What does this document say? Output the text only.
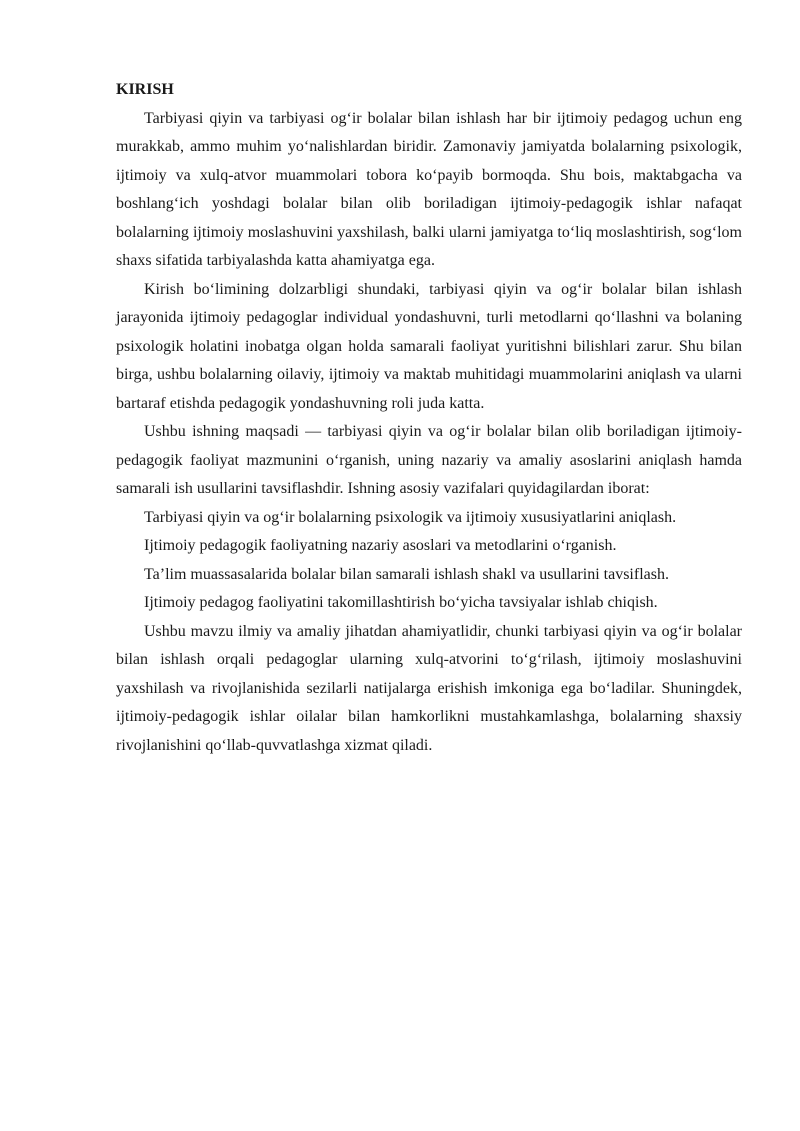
KIRISH

Tarbiyasi qiyin va tarbiyasi og‘ir bolalar bilan ishlash har bir ijtimoiy pedagog uchun eng murakkab, ammo muhim yo‘nalishlardan biridir. Zamonaviy jamiyatda bolalarning psixologik, ijtimoiy va xulq-atvor muammolari tobora ko‘payib bormoqda. Shu bois, maktabgacha va boshlang‘ich yoshdagi bolalar bilan olib boriladigan ijtimoiy-pedagogik ishlar nafaqat bolalarning ijtimoiy moslashuvini yaxshilash, balki ularni jamiyatga to‘liq moslashtirish, sog‘lom shaxs sifatida tarbiyalashda katta ahamiyatga ega.

Kirish bo‘limining dolzarbligi shundaki, tarbiyasi qiyin va og‘ir bolalar bilan ishlash jarayonida ijtimoiy pedagoglar individual yondashuvni, turli metodlarni qo‘llashni va bolaning psixologik holatini inobatga olgan holda samarali faoliyat yuritishni bilishlari zarur. Shu bilan birga, ushbu bolalarning oilaviy, ijtimoiy va maktab muhitidagi muammolarini aniqlash va ularni bartaraf etishda pedagogik yondashuvning roli juda katta.

Ushbu ishning maqsadi — tarbiyasi qiyin va og‘ir bolalar bilan olib boriladigan ijtimoiy-pedagogik faoliyat mazmunini o‘rganish, uning nazariy va amaliy asoslarini aniqlash hamda samarali ish usullarini tavsiflashdir. Ishning asosiy vazifalari quyidagilardan iborat:

Tarbiyasi qiyin va og‘ir bolalarning psixologik va ijtimoiy xususiyatlarini aniqlash.

Ijtimoiy pedagogik faoliyatning nazariy asoslari va metodlarini o‘rganish.

Ta’lim muassasalarida bolalar bilan samarali ishlash shakl va usullarini tavsiflash.

Ijtimoiy pedagog faoliyatini takomillashtirish bo‘yicha tavsiyalar ishlab chiqish.

Ushbu mavzu ilmiy va amaliy jihatdan ahamiyatlidir, chunki tarbiyasi qiyin va og‘ir bolalar bilan ishlash orqali pedagoglar ularning xulq-atvorini to‘g‘rilash, ijtimoiy moslashuvini yaxshilash va rivojlanishida sezilarli natijalarga erishish imkoniga ega bo‘ladilar. Shuningdek, ijtimoiy-pedagogik ishlar oilalar bilan hamkorlikni mustahkamlashga, bolalarning shaxsiy rivojlanishini qo‘llab-quvvatlashga xizmat qiladi.
